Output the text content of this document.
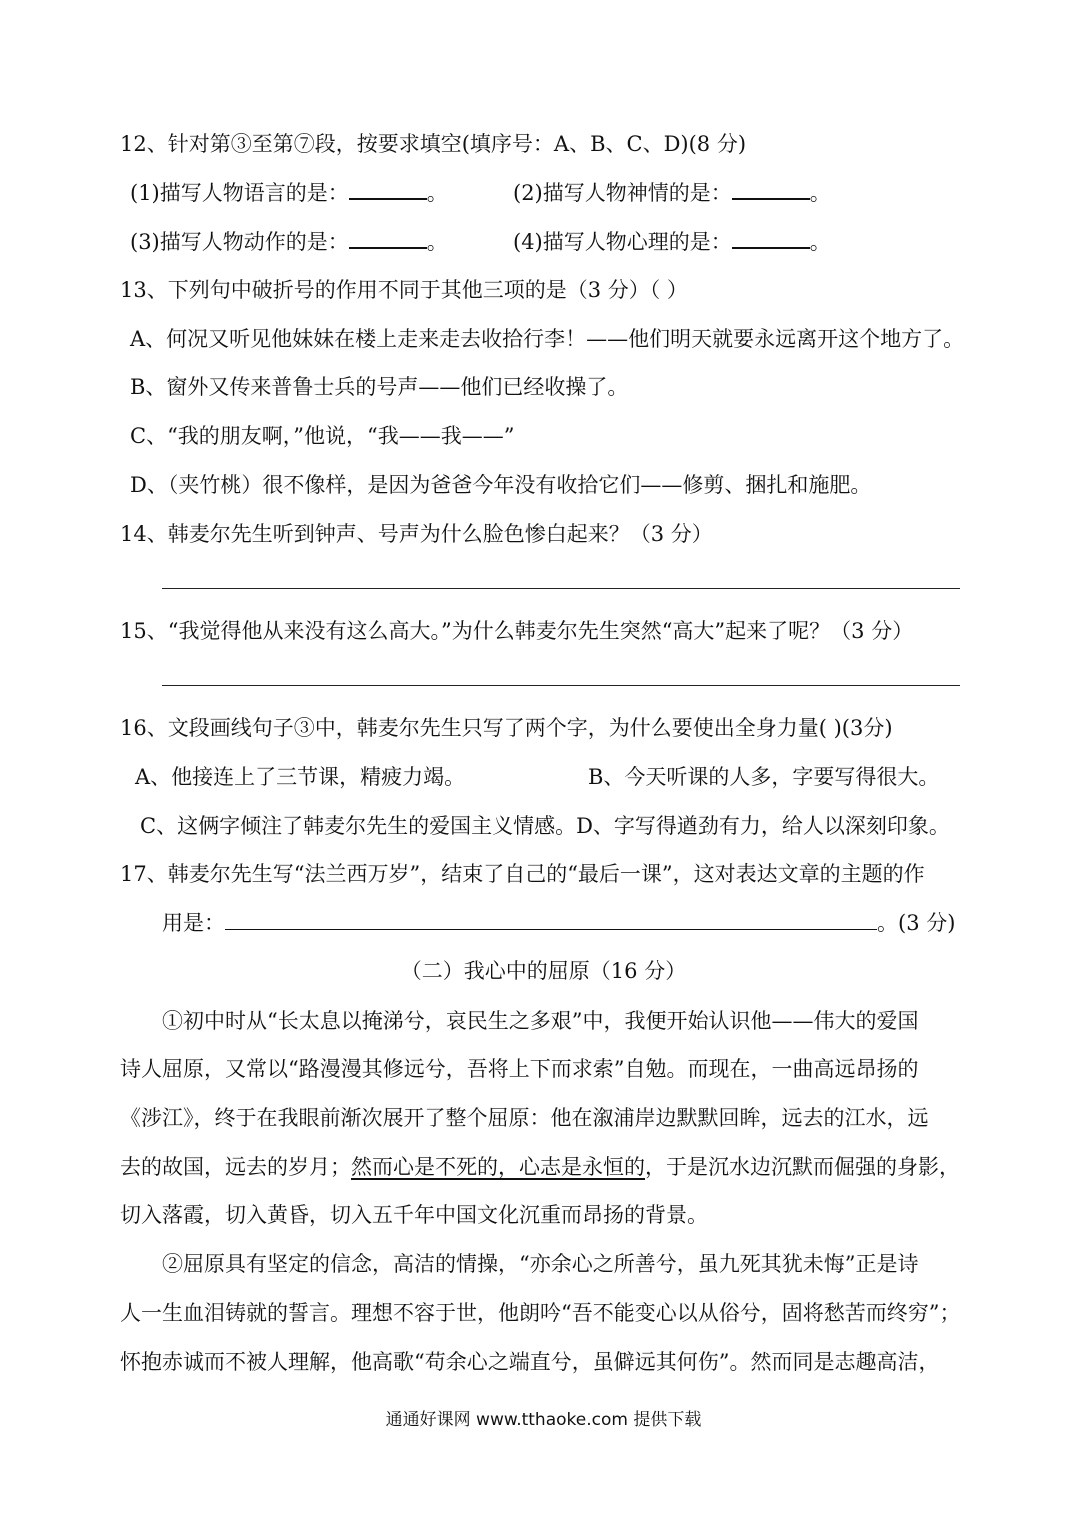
12、针对第③至第⑦段，按要求填空(填序号：A、B、C、D)(8 分)
(1)描写人物语言的是：	。	(2)描写人物神情的是：	。
(3)描写人物动作的是：	。	(4)描写人物心理的是：	。
13、下列句中破折号的作用不同于其他三项的是（3 分）（ ）
A、何况又听见他妹妹在楼上走来走去收拾行李！——他们明天就要永远离开这个地方了。
B、窗外又传来普鲁士兵的号声——他们已经收操了。
C、“我的朋友啊，”他说，“我——我——”
D、（夹竹桃）很不像样，是因为爸爸今年没有收拾它们——修剪、捆扎和施肥。
14、韩麦尔先生听到钟声、号声为什么脸色惨白起来？（3 分）
15、“我觉得他从来没有这么高大。”为什么韩麦尔先生突然“高大”起来了呢？（3 分）
16、文段画线句子③中，韩麦尔先生只写了两个字，为什么要使出全身力量( )(3分)
A、他接连上了三节课，精疲力竭。	B、今天听课的人多，字要写得很大。
C、这俩字倾注了韩麦尔先生的爱国主义情感。D、字写得遒劲有力，给人以深刻印象。
17、韩麦尔先生写“法兰西万岁”，结束了自己的“最后一课”，这对表达文章的主题的作
用是：	。(3 分)
（二）我心中的屈原（16 分）
①初中时从“长太息以掩涕兮，哀民生之多艰”中，我便开始认识他——伟大的爱国
诗人屈原，又常以“路漫漫其修远兮，吾将上下而求索”自勉。而现在，一曲高远昂扬的
《涉江》，终于在我眼前渐次展开了整个屈原：他在溆浦岸边默默回眸，远去的江水，远
去的故国，远去的岁月；然而心是不死的，心志是永恒的，于是沉水边沉默而倔强的身影，
切入落霞，切入黄昏，切入五千年中国文化沉重而昂扬的背景。
②屈原具有坚定的信念，高洁的情操，“亦余心之所善兮，虽九死其犹未悔”正是诗
人一生血泪铸就的誓言。理想不容于世，他朗吟“吾不能变心以从俗兮，固将愁苦而终穷”；
怀抱赤诚而不被人理解，他高歌“苟余心之端直兮，虽僻远其何伤”。然而同是志趣高洁，
通通好课网 www.tthaoke.com 提供下载
